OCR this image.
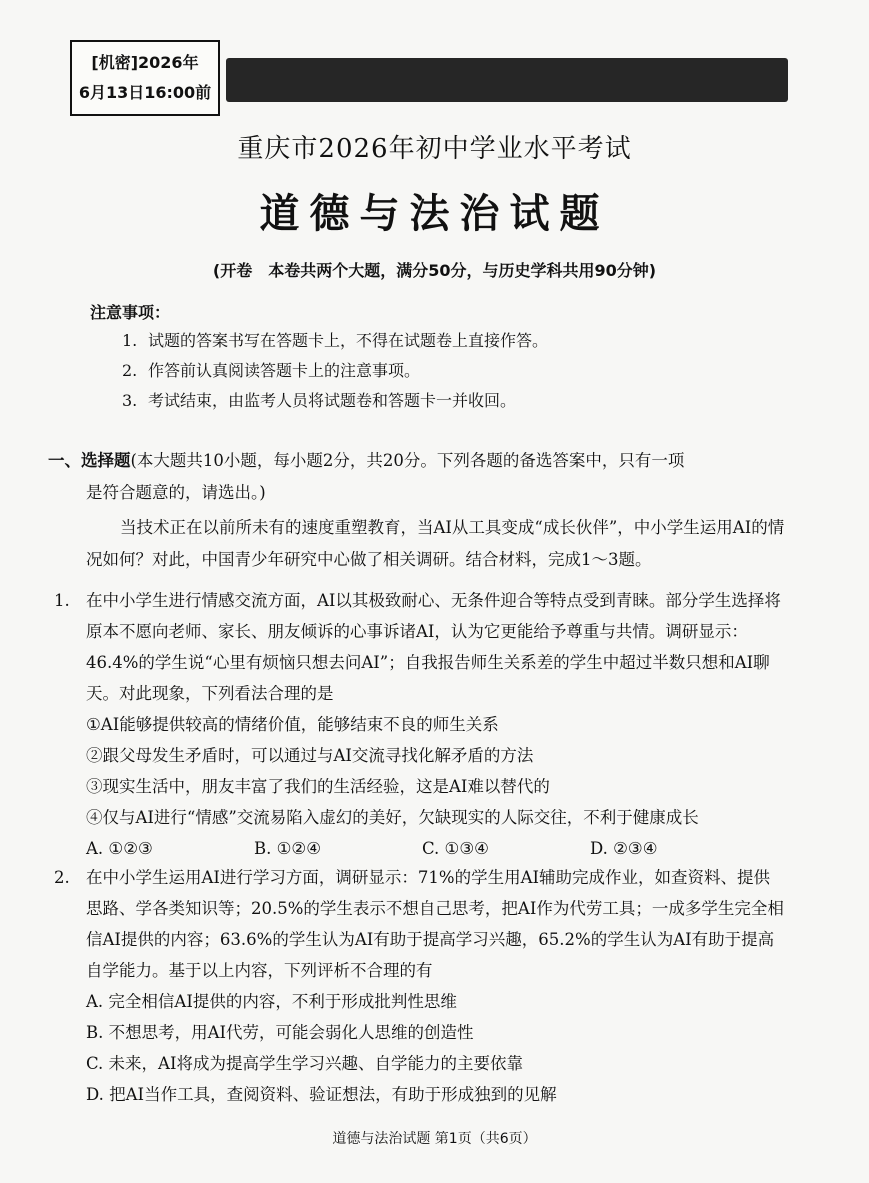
[机密]2026年
6月13日16:00前
重庆市2026年初中学业水平考试
道德与法治试题
(开卷　本卷共两个大题，满分50分，与历史学科共用90分钟)
注意事项：
1. 试题的答案书写在答题卡上，不得在试题卷上直接作答。
2. 作答前认真阅读答题卡上的注意事项。
3. 考试结束，由监考人员将试题卷和答题卡一并收回。
一、选择题(本大题共10小题，每小题2分，共20分。下列各题的备选答案中，只有一项
是符合题意的，请选出。)
当技术正在以前所未有的速度重塑教育，当AI从工具变成“成长伙伴”，中小学生运用AI的情况如何？对此，中国青少年研究中心做了相关调研。结合材料，完成1～3题。
1. 在中小学生进行情感交流方面，AI以其极致耐心、无条件迎合等特点受到青睐。部分学生选择将原本不愿向老师、家长、朋友倾诉的心事诉诸AI，认为它更能给予尊重与共情。调研显示：46.4%的学生说“心里有烦恼只想去问AI”；自我报告师生关系差的学生中超过半数只想和AI聊天。对此现象，下列看法合理的是
①AI能够提供较高的情绪价值，能够结束不良的师生关系
②跟父母发生矛盾时，可以通过与AI交流寻找化解矛盾的方法
③现实生活中，朋友丰富了我们的生活经验，这是AI难以替代的
④仅与AI进行“情感”交流易陷入虚幻的美好，欠缺现实的人际交往，不利于健康成长
A. ①②③	B. ①②④	C. ①③④	D. ②③④
2. 在中小学生运用AI进行学习方面，调研显示：71%的学生用AI辅助完成作业，如查资料、提供思路、学各类知识等；20.5%的学生表示不想自己思考，把AI作为代劳工具；一成多学生完全相信AI提供的内容；63.6%的学生认为AI有助于提高学习兴趣，65.2%的学生认为AI有助于提高自学能力。基于以上内容，下列评析不合理的有
A. 完全相信AI提供的内容，不利于形成批判性思维
B. 不想思考，用AI代劳，可能会弱化人思维的创造性
C. 未来，AI将成为提高学生学习兴趣、自学能力的主要依靠
D. 把AI当作工具，查阅资料、验证想法，有助于形成独到的见解
道德与法治试题 第1页（共6页）
